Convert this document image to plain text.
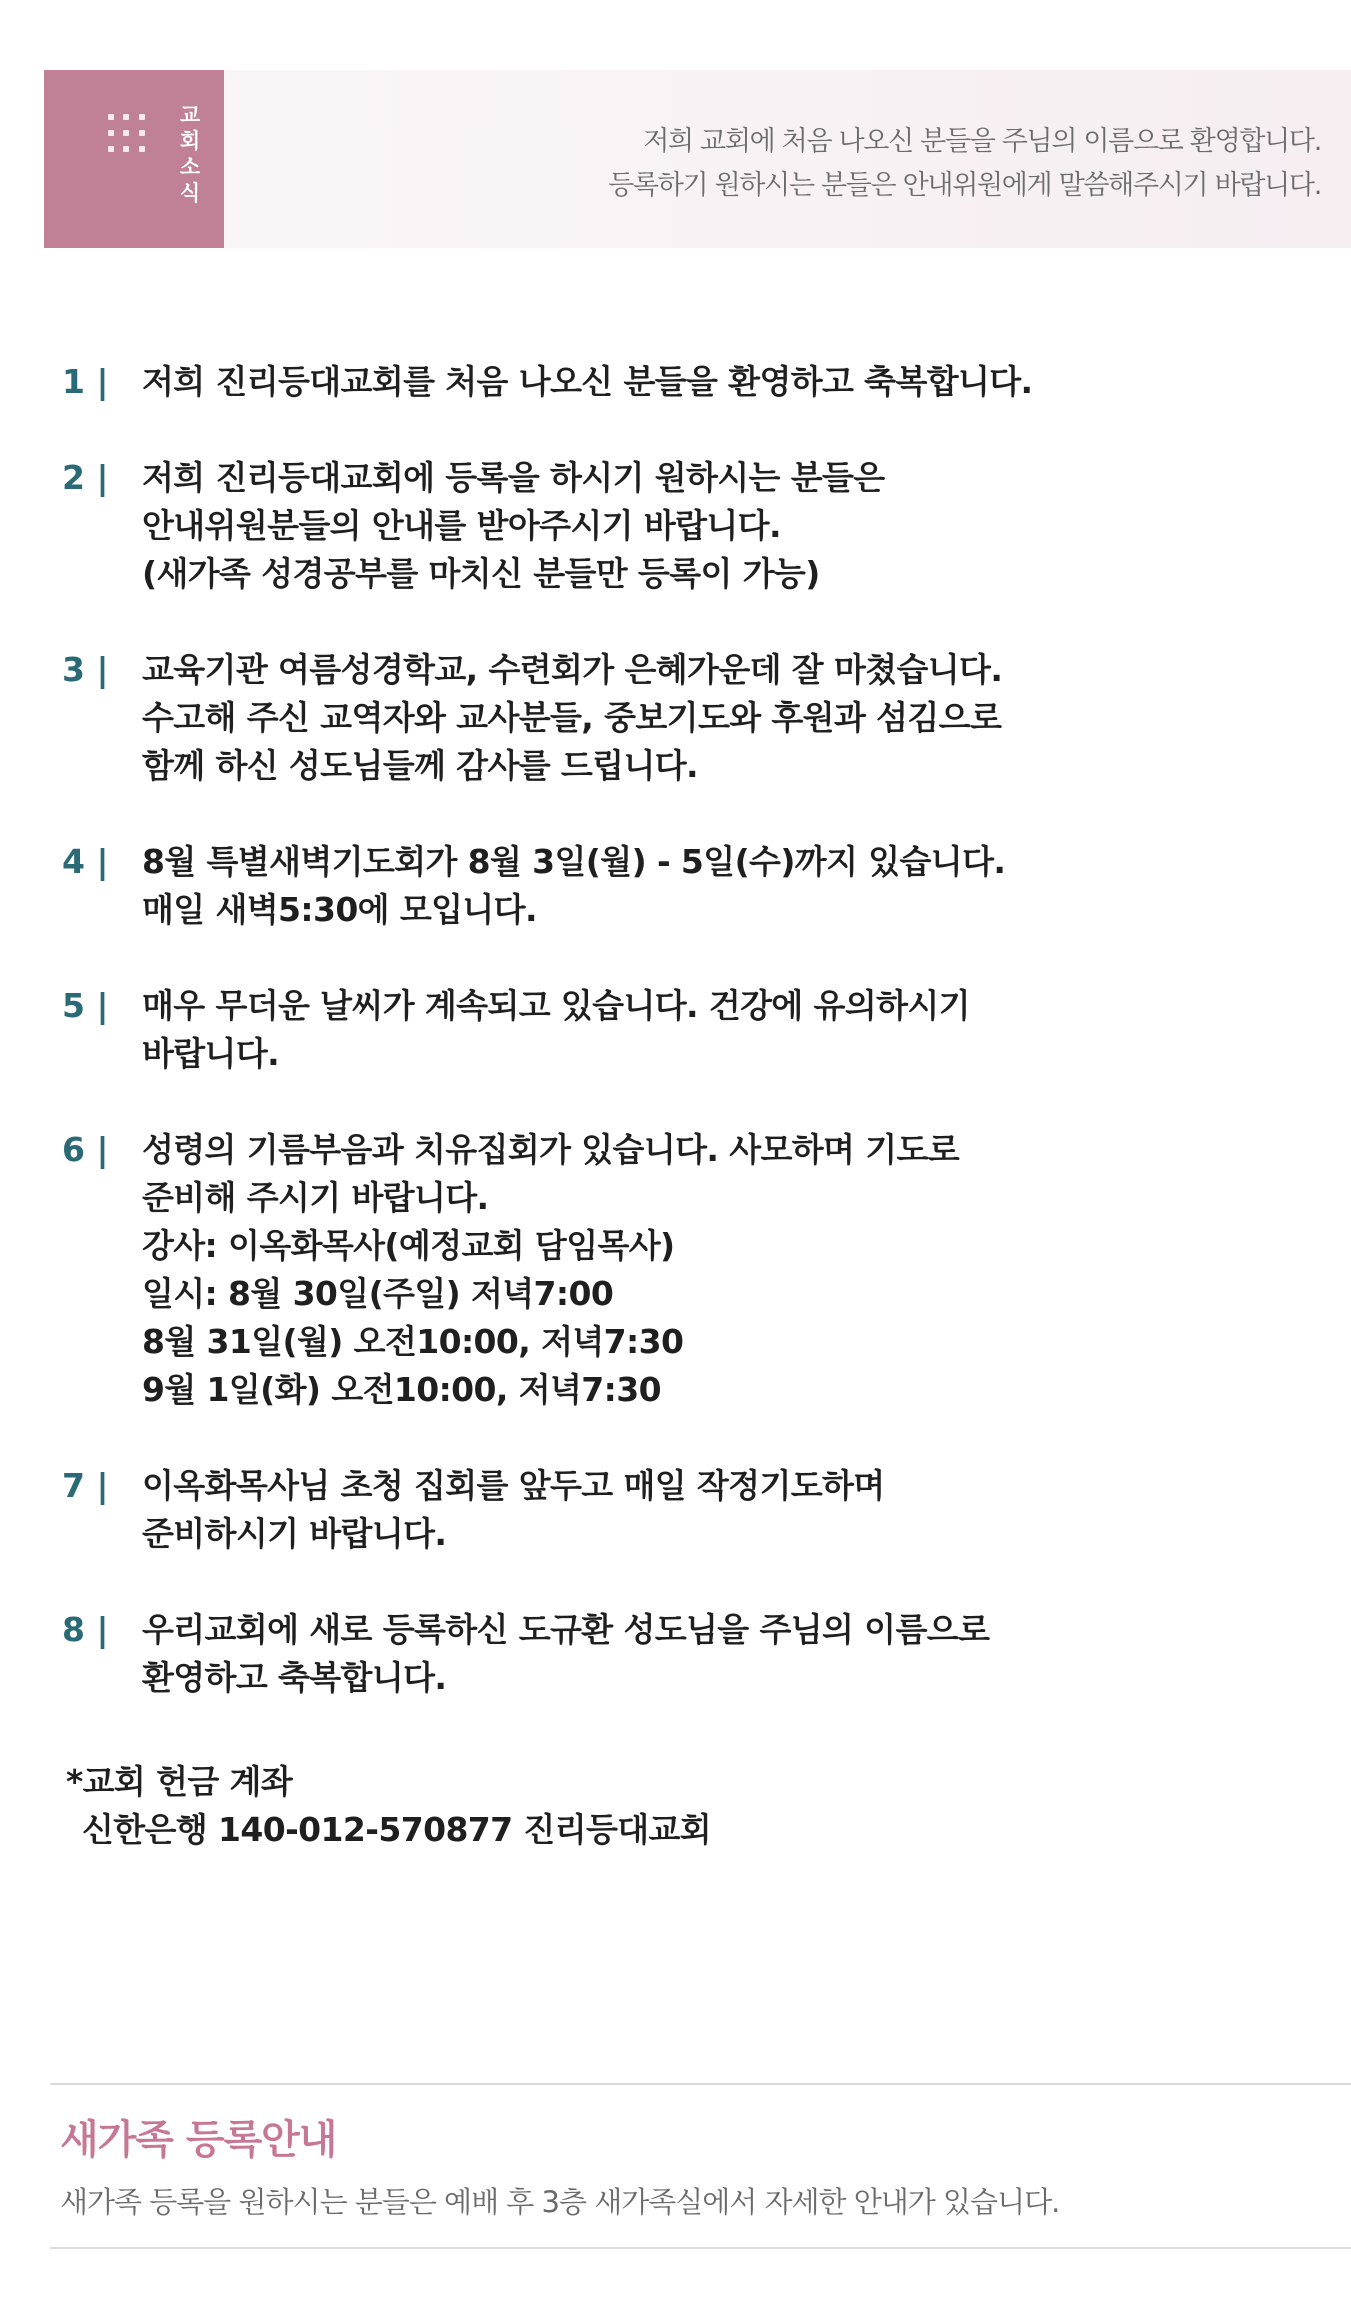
교
회
소
식
저희 교회에 처음 나오신 분들을 주님의 이름으로 환영합니다.
등록하기 원하시는 분들은 안내위원에게 말씀해주시기 바랍니다.
1 |	저희 진리등대교회를 처음 나오신 분들을 환영하고 축복합니다.
2 |	저희 진리등대교회에 등록을 하시기 원하시는 분들은
안내위원분들의 안내를 받아주시기 바랍니다.
(새가족 성경공부를 마치신 분들만 등록이 가능)
3 |	교육기관 여름성경학교, 수련회가 은혜가운데 잘 마쳤습니다.
수고해 주신 교역자와 교사분들, 중보기도와 후원과 섬김으로
함께 하신 성도님들께 감사를 드립니다.
4 |	8월 특별새벽기도회가 8월 3일(월) - 5일(수)까지 있습니다.
매일 새벽5:30에 모입니다.
5 |	매우 무더운 날씨가 계속되고 있습니다. 건강에 유의하시기
바랍니다.
6 |	성령의 기름부음과 치유집회가 있습니다. 사모하며 기도로
준비해 주시기 바랍니다.
강사: 이옥화목사(예정교회 담임목사)
일시: 8월 30일(주일) 저녁7:00
8월 31일(월) 오전10:00, 저녁7:30
9월 1일(화) 오전10:00, 저녁7:30
7 |	이옥화목사님 초청 집회를 앞두고 매일 작정기도하며
준비하시기 바랍니다.
8 |	우리교회에 새로 등록하신 도규환 성도님을 주님의 이름으로
환영하고 축복합니다.
*교회 헌금 계좌
신한은행 140-012-570877 진리등대교회
새가족 등록안내
새가족 등록을 원하시는 분들은 예배 후 3층 새가족실에서 자세한 안내가 있습니다.
